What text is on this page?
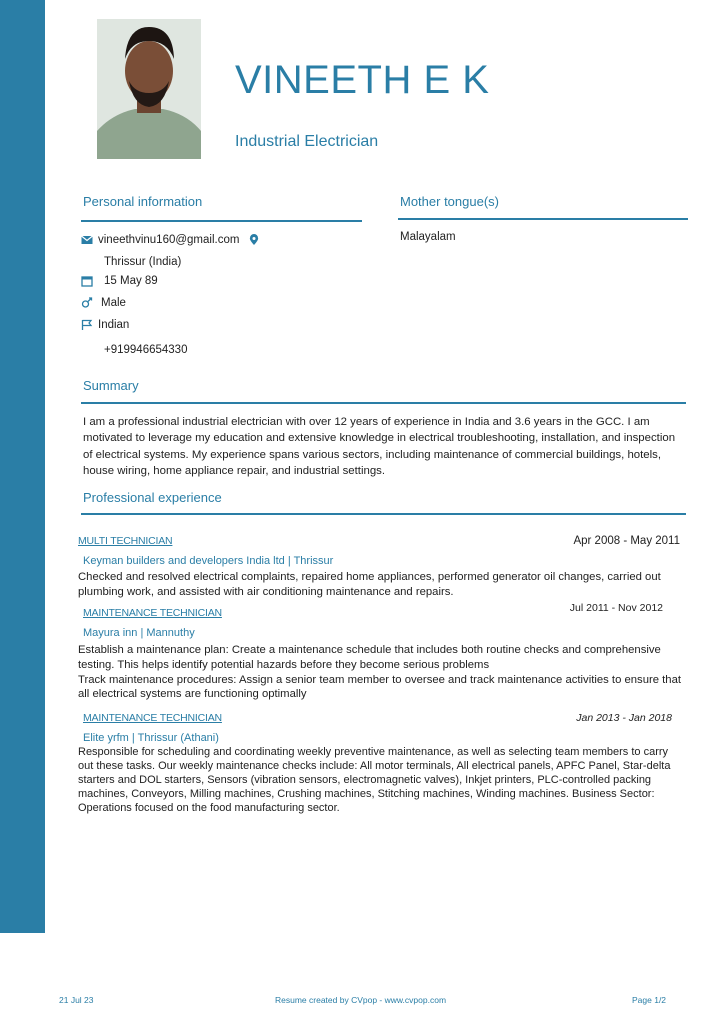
VINEETH E K
Industrial Electrician
Personal information
vineethvinu160@gmail.com
Thrissur (India)
15 May 89
Male
Indian
+919946654330
Mother tongue(s)
Malayalam
Summary
I am a professional industrial electrician with over 12 years of experience in India and 3.6 years in the GCC. I am
motivated to leverage my education and extensive knowledge in electrical troubleshooting, installation, and inspection
of electrical systems. My experience spans various sectors, including maintenance of commercial buildings, hotels,
house wiring, home appliance repair, and industrial settings.
Professional experience
MULTI TECHNICIAN	Apr 2008 - May 2011
Keyman builders and developers India ltd | Thrissur
Checked and resolved electrical complaints, repaired home appliances, performed generator oil changes, carried out
plumbing work, and assisted with air conditioning maintenance and repairs.
MAINTENANCE TECHNICIAN	Jul 2011 - Nov 2012
Mayura inn | Mannuthy
Establish a maintenance plan: Create a maintenance schedule that includes both routine checks and comprehensive
testing. This helps identify potential hazards before they become serious problems
Track maintenance procedures: Assign a senior team member to oversee and track maintenance activities to ensure that
all electrical systems are functioning optimally
MAINTENANCE TECHNICIAN	Jan 2013 - Jan 2018
Elite yrfm | Thrissur (Athani)
Responsible for scheduling and coordinating weekly preventive maintenance, as well as selecting team members to carry
out these tasks. Our weekly maintenance checks include: All motor terminals, All electrical panels, APFC Panel, Star-delta
starters and DOL starters, Sensors (vibration sensors, electromagnetic valves), Inkjet printers, PLC-controlled packing
machines, Conveyors, Milling machines, Crushing machines, Stitching machines, Winding machines. Business Sector:
Operations focused on the food manufacturing sector.
21 Jul 23	Resume created by CVpop - www.cvpop.com	Page 1/2
